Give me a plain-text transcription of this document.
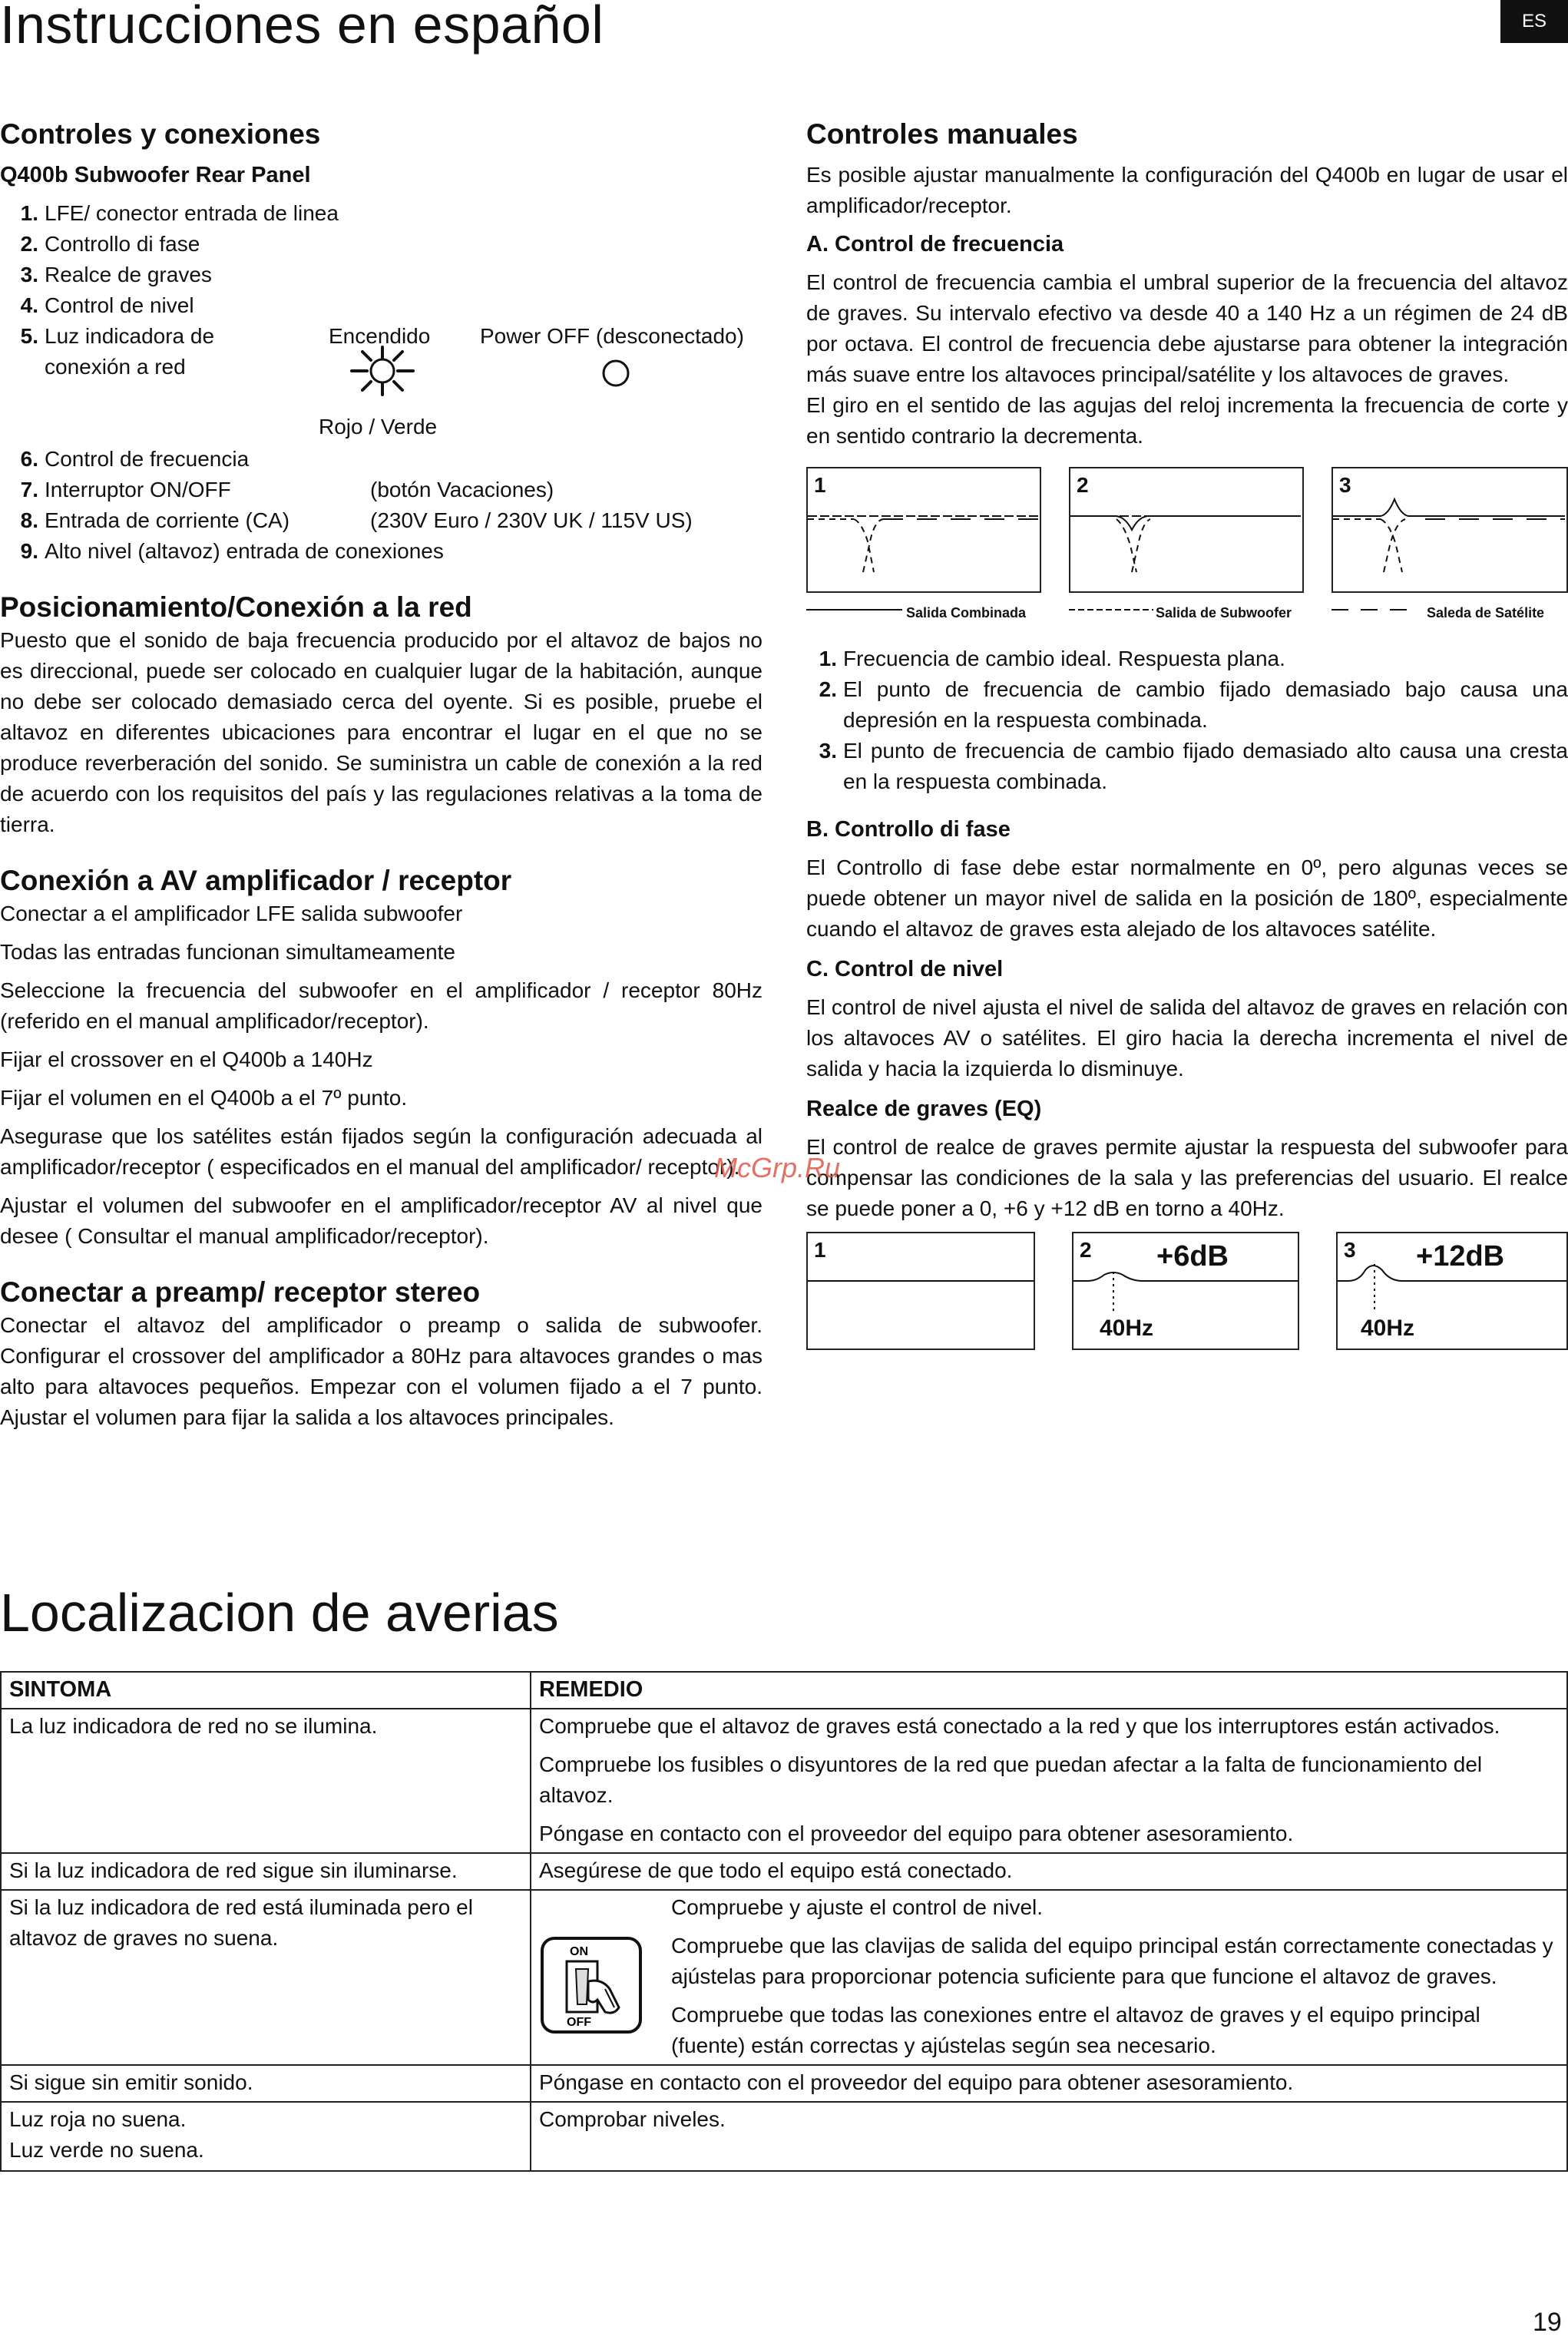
Instrucciones en español	ES
Controles y conexiones
Q400b Subwoofer Rear Panel
1. LFE/ conector entrada de linea
2. Controllo di fase
3. Realce de graves
4. Control de nivel
5. Luz indicadora de
conexión a red
Encendido Power OFF (desconectado)
Rojo / Verde
6. Control de frecuencia
7. Interruptor ON/OFF	(botón Vacaciones)
8. Entrada de corriente (CA)	(230V Euro / 230V UK / 115V US)
9. Alto nivel (altavoz) entrada de conexiones
Posicionamiento/Conexión a la red

Puesto que el sonido de baja frecuencia producido por el altavoz de bajos no es direccional, puede ser colocado en cualquier lugar de la habitación, aunque no debe ser colocado demasiado cerca del oyente. Si es posible, pruebe el altavoz en diferentes ubicaciones para encontrar el lugar en el que no se produce reverberación del sonido. Se suministra un cable de conexión a la red de acuerdo con los requisitos del país y las regulaciones relativas a la toma de tierra.

Conexión a AV amplificador / receptor

Conectar a el amplificador LFE salida subwoofer

Todas las entradas funcionan simultameamente

Seleccione la frecuencia del subwoofer en el amplificador / receptor 80Hz (referido en el manual amplificador/receptor).

Fijar el crossover en el Q400b a 140Hz

Fijar el volumen en el Q400b a el 7º punto.

Asegurase que los satélites están fijados según la configuración adecuada al amplificador/receptor ( especificados en el manual del amplificador/ receptor).

Ajustar el volumen del subwoofer en el amplificador/receptor AV al nivel que desee ( Consultar el manual amplificador/receptor).

Conectar a preamp/ receptor stereo

Conectar el altavoz del amplificador o preamp o salida de subwoofer. Configurar el crossover del amplificador a 80Hz para altavoces grandes o mas alto para altavoces pequeños. Empezar con el volumen fijado a el 7 punto. Ajustar el volumen para fijar la salida a los altavoces principales.

Controles manuales

Es posible ajustar manualmente la configuración del Q400b en lugar de usar el amplificador/receptor.

A. Control de frecuencia

El control de frecuencia cambia el umbral superior de la frecuencia del altavoz de graves. Su intervalo efectivo va desde 40 a 140 Hz a un régimen de 24 dB por octava. El control de frecuencia debe ajustarse para obtener la integración más suave entre los altavoces principal/satélite y los altavoces de graves.

El giro en el sentido de las agujas del reloj incrementa la frecuencia de corte y en sentido contrario la decrementa.

1	2	3
Salida Combinada	Salida de Subwoofer	Saleda de Satélite
1. Frecuencia de cambio ideal. Respuesta plana.
2. El punto de frecuencia de cambio fijado demasiado bajo causa una depresión en la respuesta combinada.
3. El punto de frecuencia de cambio fijado demasiado alto causa una cresta en la respuesta combinada.
B. Controllo di fase

El Controllo di fase debe estar normalmente en 0º, pero algunas veces se puede obtener un mayor nivel de salida en la posición de 180º, especialmente cuando el altavoz de graves esta alejado de los altavoces satélite.

C. Control de nivel

El control de nivel ajusta el nivel de salida del altavoz de graves en relación con los altavoces AV o satélites. El giro hacia la derecha incrementa el nivel de salida y hacia la izquierda lo disminuye.

Realce de graves (EQ)

El control de realce de graves permite ajustar la respuesta del subwoofer para compensar las condiciones de la sala y las preferencias del usuario. El realce se puede poner a 0, +6 y +12 dB en torno a 40Hz.

1	2 +6dB
40Hz
3 +12dB
40Hz
McGrp.Ru
Localizacion de averias
SINTOMA	REMEDIO
La luz indicadora de red no se ilumina.	Compruebe que el altavoz de graves está conectado a la red y que los interruptores están activados.

Compruebe los fusibles o disyuntores de la red que puedan afectar a la falta de funcionamiento del altavoz.

Póngase en contacto con el proveedor del equipo para obtener asesoramiento.

Si la luz indicadora de red sigue sin iluminarse.	Asegúrese de que todo el equipo está conectado.
Si la luz indicadora de red está iluminada pero el altavoz de graves no suena.	ON
OFF

Compruebe y ajuste el control de nivel.

Compruebe que las clavijas de salida del equipo principal están correctamente conectadas y ajústelas para proporcionar potencia suficiente para que funcione el altavoz de graves.

Compruebe que todas las conexiones entre el altavoz de graves y el equipo principal (fuente) están correctas y ajústelas según sea necesario.

Si sigue sin emitir sonido.	Póngase en contacto con el proveedor del equipo para obtener asesoramiento.

Luz roja no suena.
Luz verde no suena.	Comprobar niveles.
19
